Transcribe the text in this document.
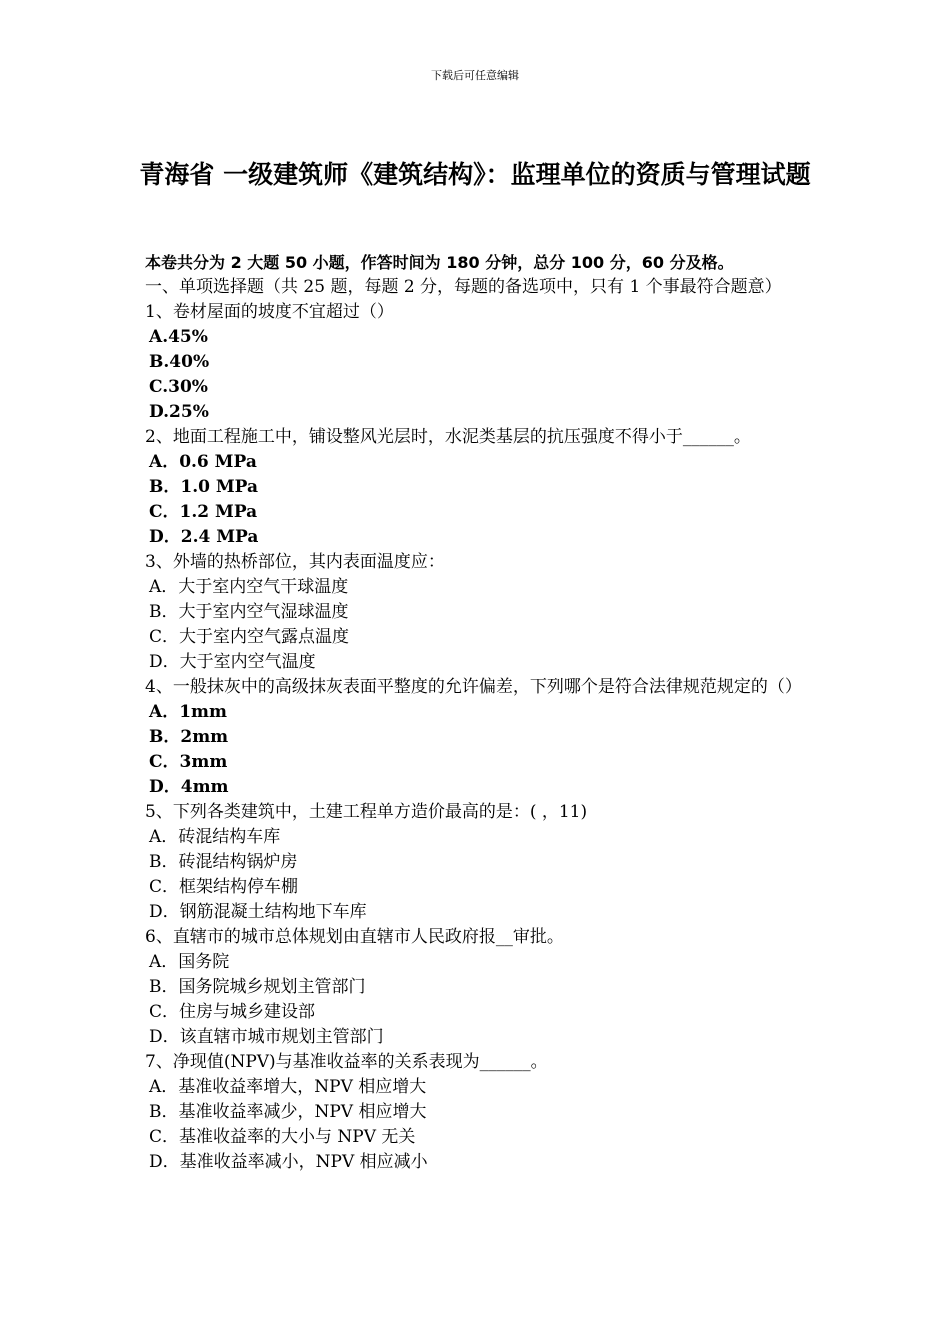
下载后可任意编辑
青海省 一级建筑师《建筑结构》：监理单位的资质与管理试题

本卷共分为 2 大题 50 小题，作答时间为 180 分钟，总分 100 分，60 分及格。

一、单项选择题（共 25 题，每题 2 分，每题的备选项中，只有 1 个事最符合题意）

1、卷材屋面的坡度不宜超过（）

A.45%

B.40%

C.30%

D.25%

2、地面工程施工中，铺设整风光层时，水泥类基层的抗压强度不得小于______。

A．0.6 MPa

B．1.0 MPa

C．1.2 MPa

D．2.4 MPa

3、外墙的热桥部位，其内表面温度应：

A．大于室内空气干球温度

B．大于室内空气湿球温度

C．大于室内空气露点温度

D．大于室内空气温度

4、一般抹灰中的高级抹灰表面平整度的允许偏差，下列哪个是符合法律规范规定的（）

A．1mm

B．2mm

C．3mm

D．4mm

5、下列各类建筑中，土建工程单方造价最高的是：( ，11)

A．砖混结构车库

B．砖混结构锅炉房

C．框架结构停车棚

D．钢筋混凝土结构地下车库

6、直辖市的城市总体规划由直辖市人民政府报__审批。

A．国务院

B．国务院城乡规划主管部门

C．住房与城乡建设部

D．该直辖市城市规划主管部门

7、净现值(NPV)与基准收益率的关系表现为______。

A．基准收益率增大，NPV 相应增大

B．基准收益率减少，NPV 相应增大

C．基准收益率的大小与 NPV 无关

D．基准收益率减小，NPV 相应减小
